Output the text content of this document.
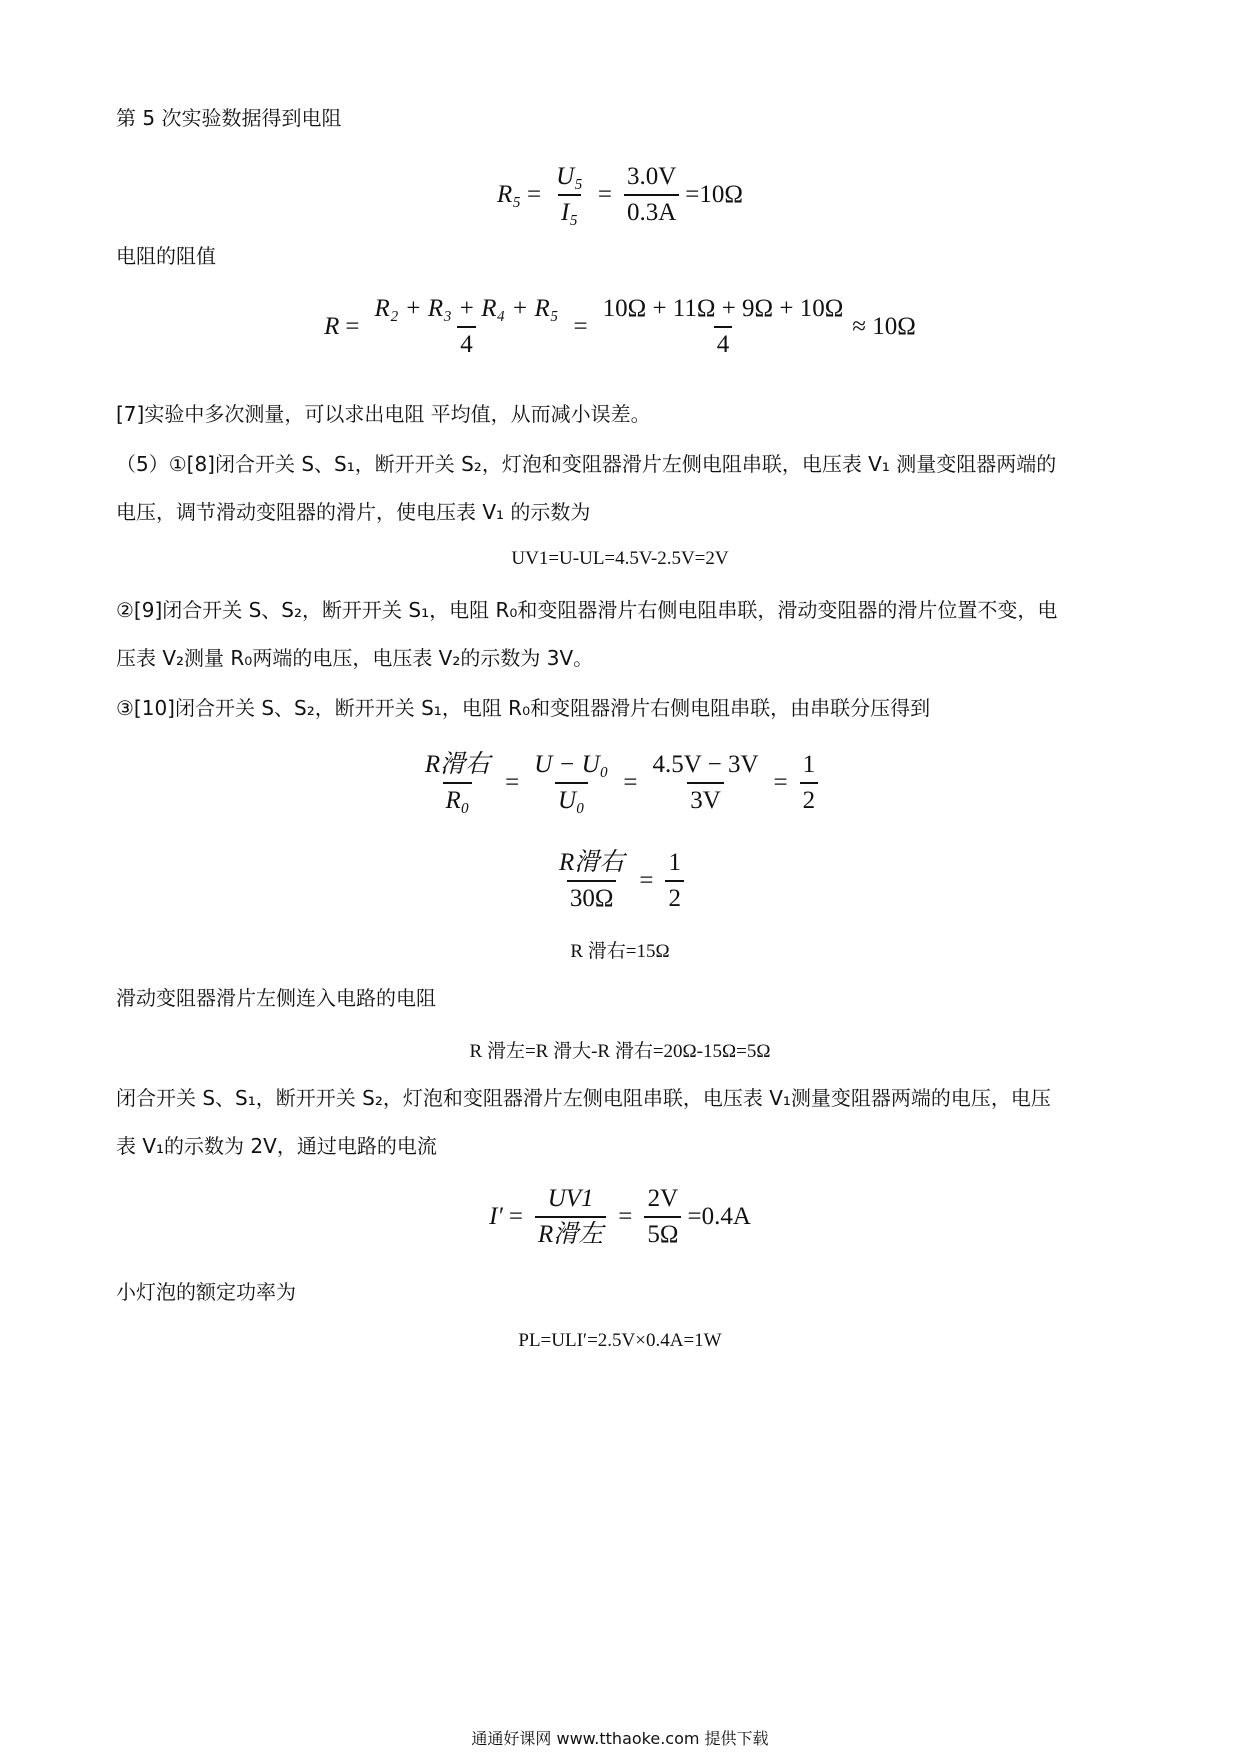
第 5 次实验数据得到电阻
$R_5 = \frac{\text{U₅}}{\text{I₅}} = \frac{3.0V}{0.3A} =10\Omega$
电阻的阻值
$R = \frac{\text{R₂ + R₃ + R₄ + R₅}}{4} = \frac{10\Omega + 11\Omega + 9\Omega + 10\Omega}{4} \approx 10\Omega$
[7]实验中多次测量，可以求出电阻 平均值，从而减小误差。
（5）①[8]闭合开关 S、S₁，断开开关 S₂，灯泡和变阻器滑片左侧电阻串联，电压表 V₁ 测量变阻器两端的
电压，调节滑动变阻器的滑片，使电压表 V₁ 的示数为
UV1=U-UL=4.5V-2.5V=2V
②[9]闭合开关 S、S₂，断开开关 S₁，电阻 R₀和变阻器滑片右侧电阻串联，滑动变阻器的滑片位置不变，电
压表 V₂测量 R₀两端的电压，电压表 V₂的示数为 3V。
③[10]闭合开关 S、S₂，断开开关 S₁，电阻 R₀和变阻器滑片右侧电阻串联，由串联分压得到
$\frac{\text{R滑右}}{\text{R₀}} = \frac{\text{U − U₀}}{\text{U₀}} = \frac{4.5V - 3V}{3V} = \frac{1}{2}$
$\frac{\text{R滑右}}{30\Omega} = \frac{1}{2}$
R 滑右=15Ω
滑动变阻器滑片左侧连入电路的电阻
R 滑左=R 滑大-R 滑右=20Ω-15Ω=5Ω
闭合开关 S、S₁，断开开关 S₂，灯泡和变阻器滑片左侧电阻串联，电压表 V₁测量变阻器两端的电压，电压
表 V₁的示数为 2V，通过电路的电流
$I' = \frac{UV1}{\text{R滑左}} = \frac{2V}{5\Omega} =0.4A$
小灯泡的额定功率为
PL=ULI′=2.5V×0.4A=1W
通通好课网 www.tthaoke.com 提供下载
